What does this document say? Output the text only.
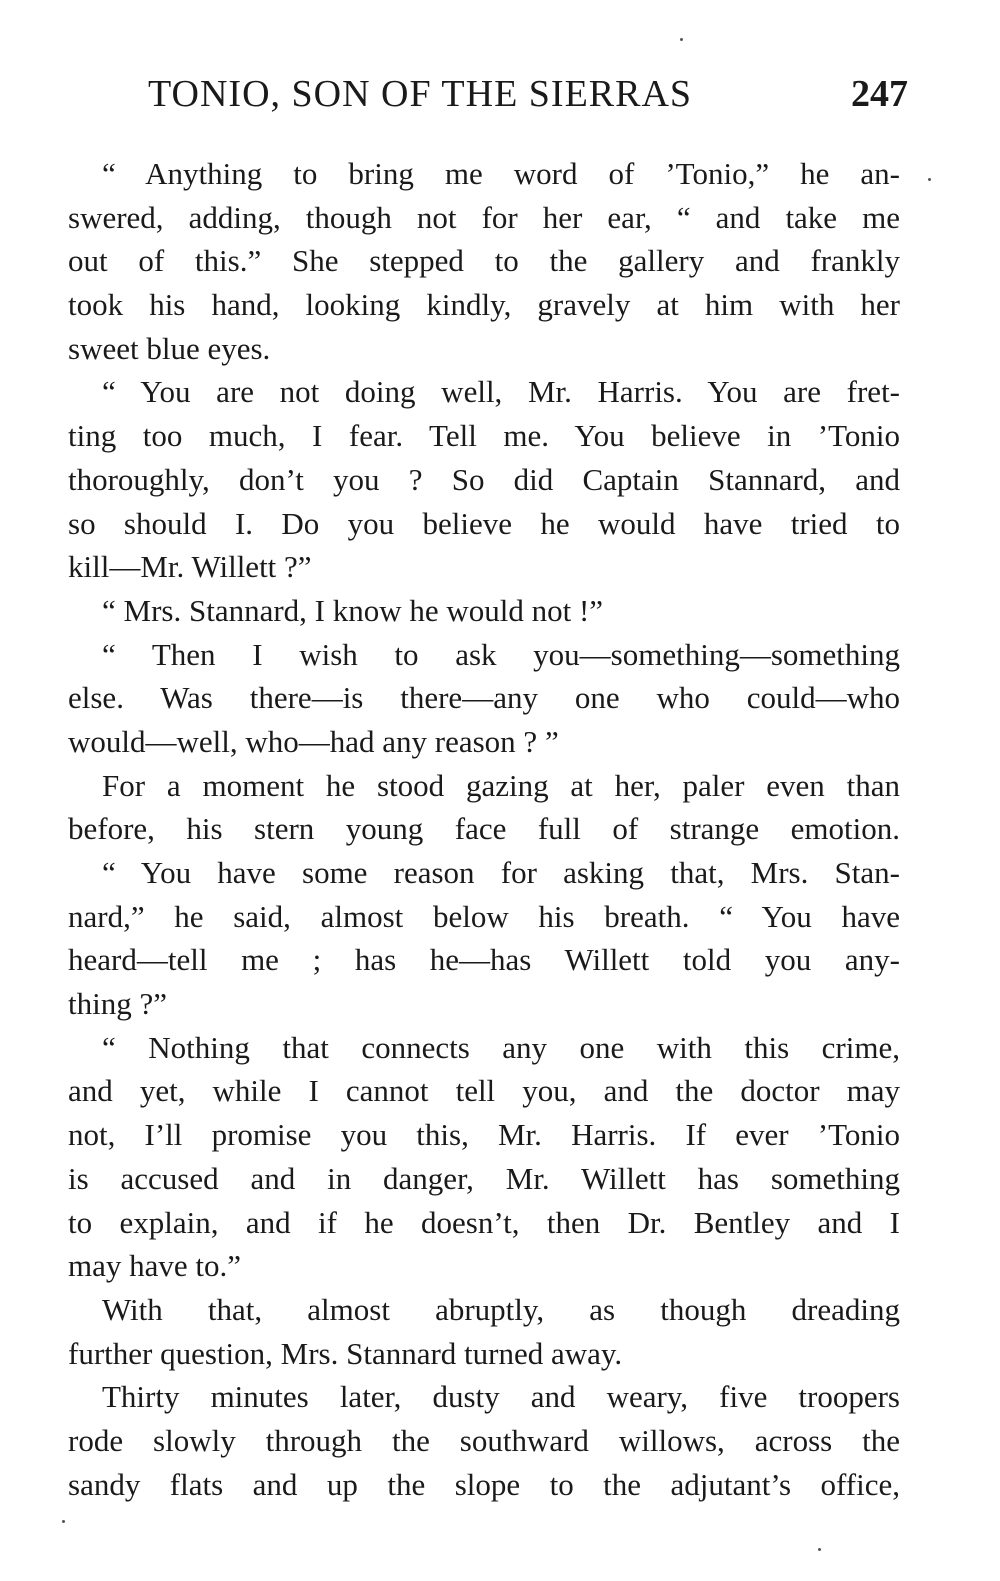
TONIO, SON OF THE SIERRAS	247
“ Anything to bring me word of ’Tonio,” he an-
swered, adding, though not for her ear, “ and take me
out of this.” She stepped to the gallery and frankly
took his hand, looking kindly, gravely at him with her
sweet blue eyes.
“ You are not doing well, Mr. Harris. You are fret-
ting too much, I fear. Tell me. You believe in ’Tonio
thoroughly, don’t you ? So did Captain Stannard, and
so should I. Do you believe he would have tried to
kill—Mr. Willett ?”
“ Mrs. Stannard, I know he would not !”
“ Then I wish to ask you—something—something
else. Was there—is there—any one who could—who
would—well, who—had any reason ? ”
For a moment he stood gazing at her, paler even than
before, his stern young face full of strange emotion.
“ You have some reason for asking that, Mrs. Stan-
nard,” he said, almost below his breath. “ You have
heard—tell me ; has he—has Willett told you any-
thing ?”
“ Nothing that connects any one with this crime,
and yet, while I cannot tell you, and the doctor may
not, I’ll promise you this, Mr. Harris. If ever ’Tonio
is accused and in danger, Mr. Willett has something
to explain, and if he doesn’t, then Dr. Bentley and I
may have to.”
With that, almost abruptly, as though dreading
further question, Mrs. Stannard turned away.
Thirty minutes later, dusty and weary, five troopers
rode slowly through the southward willows, across the
sandy flats and up the slope to the adjutant’s office,
